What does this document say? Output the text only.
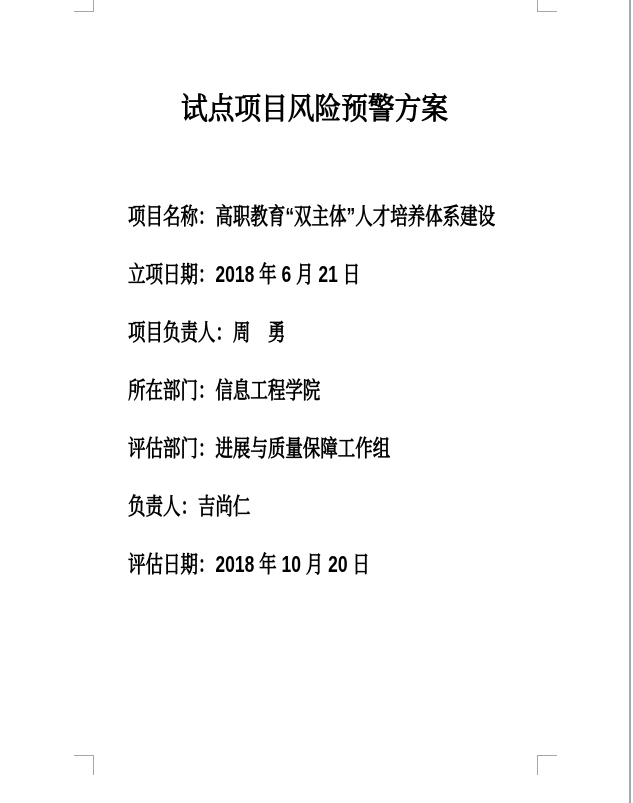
试点项目风险预警方案
项目名称：高职教育“双主体”人才培养体系建设
立项日期：2018 年 6 月 21 日
项目负责人：周　勇
所在部门：信息工程学院
评估部门：进展与质量保障工作组
负责人：吉尚仁
评估日期：2018 年 10 月 20 日
